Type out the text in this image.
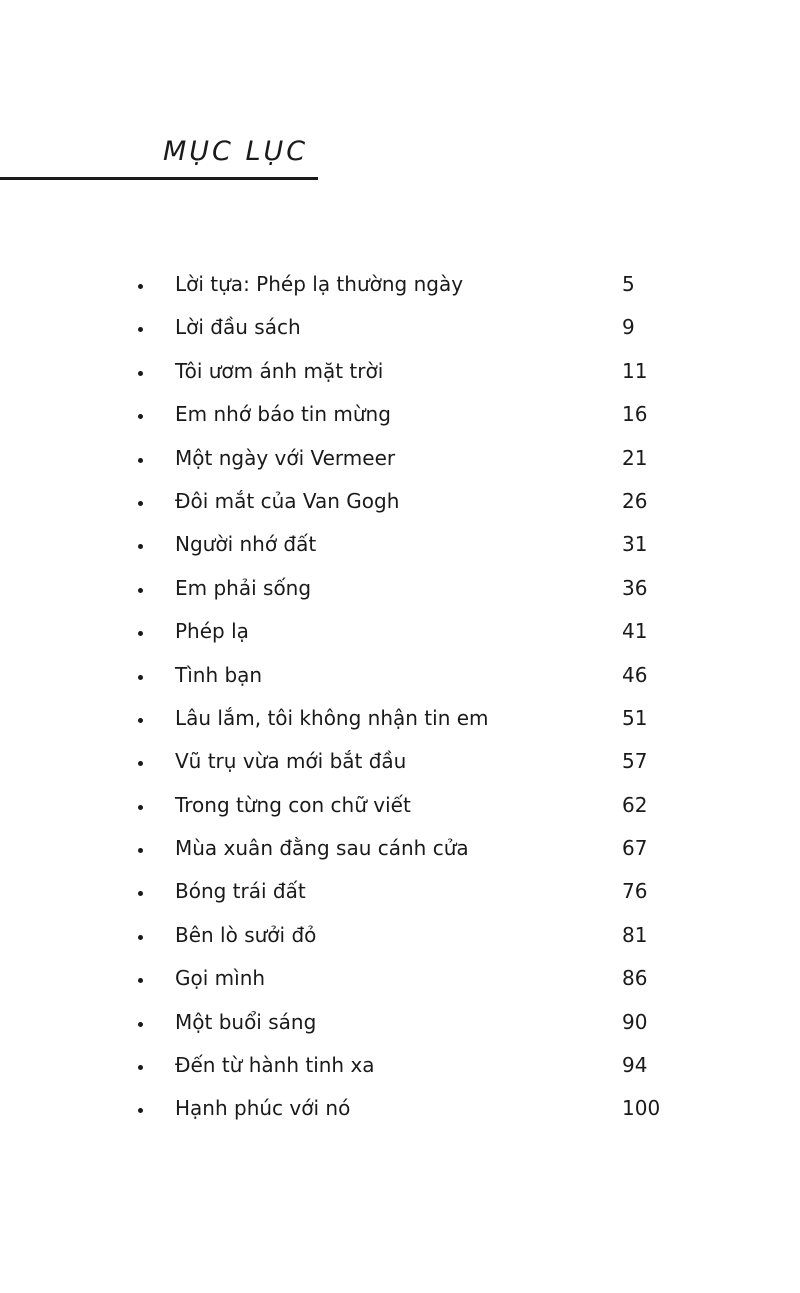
MỤC LỤC
Lời tựa: Phép lạ thường ngày	5
Lời đầu sách	9
Tôi ươm ánh mặt trời	11
Em nhớ báo tin mừng	16
Một ngày với Vermeer	21
Đôi mắt của Van Gogh	26
Người nhớ đất	31
Em phải sống	36
Phép lạ	41
Tình bạn	46
Lâu lắm, tôi không nhận tin em	51
Vũ trụ vừa mới bắt đầu	57
Trong từng con chữ viết	62
Mùa xuân đằng sau cánh cửa	67
Bóng trái đất	76
Bên lò sưởi đỏ	81
Gọi mình	86
Một buổi sáng	90
Đến từ hành tinh xa	94
Hạnh phúc với nó	100
